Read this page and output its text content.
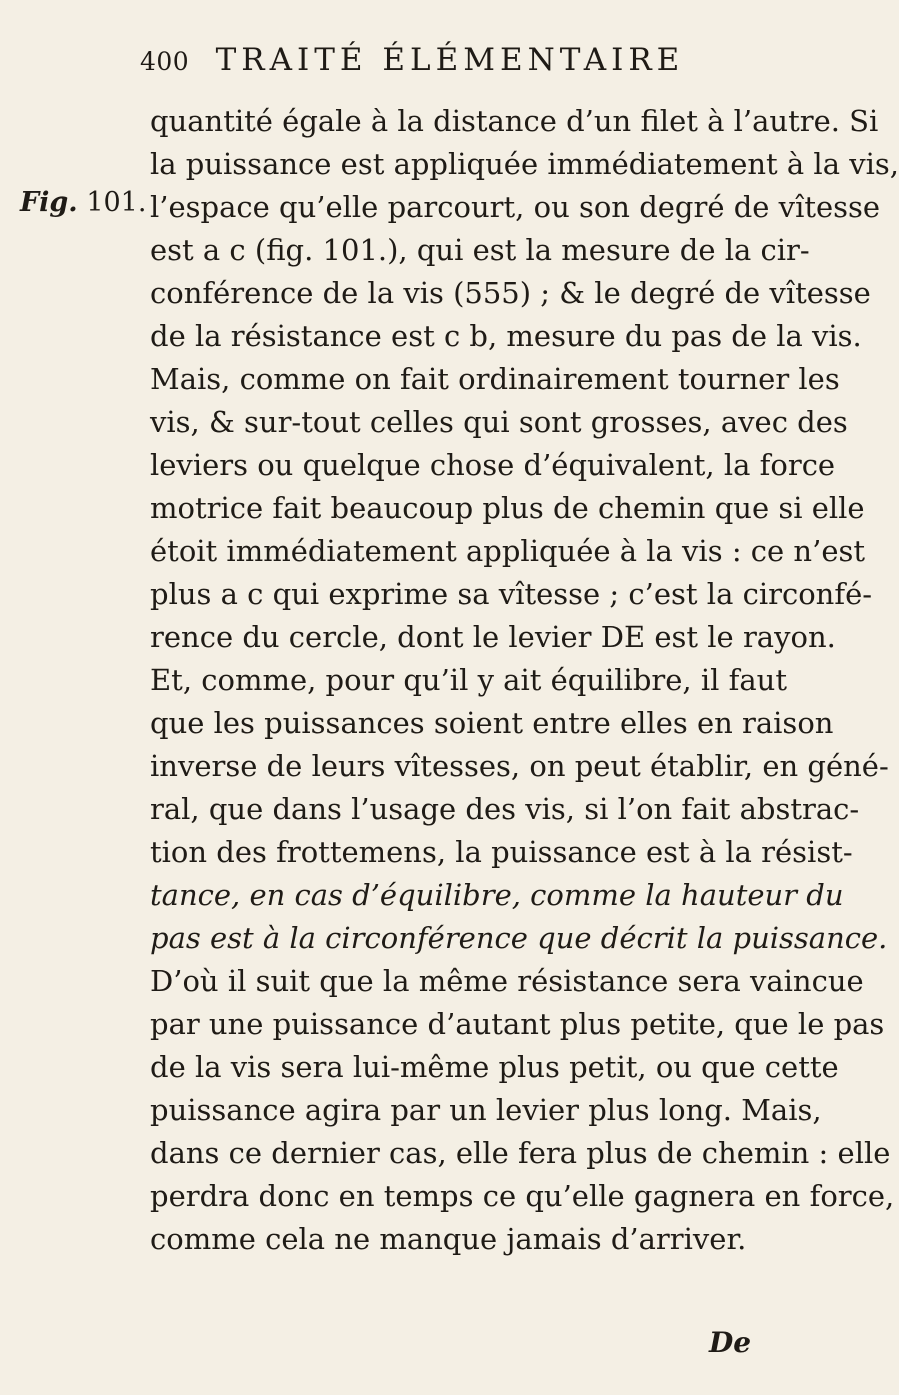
400 TRAITÉ ÉLÉMENTAIRE
Fig. 101.
quantité égale à la distance d’un filet à l’autre. Si
la puissance est appliquée immédiatement à la vis,
l’espace qu’elle parcourt, ou son degré de vîtesse
est a c (fig. 101.), qui est la mesure de la cir-
conférence de la vis (555) ; & le degré de vîtesse
de la résistance est c b, mesure du pas de la vis.
Mais, comme on fait ordinairement tourner les
vis, & sur-tout celles qui sont grosses, avec des
leviers ou quelque chose d’équivalent, la force
motrice fait beaucoup plus de chemin que si elle
étoit immédiatement appliquée à la vis : ce n’est
plus a c qui exprime sa vîtesse ; c’est la circonfé-
rence du cercle, dont le levier DE est le rayon.
Et, comme, pour qu’il y ait équilibre, il faut
que les puissances soient entre elles en raison
inverse de leurs vîtesses, on peut établir, en géné-
ral, que dans l’usage des vis, si l’on fait abstrac-
tion des frottemens, la puissance est à la résist-
tance, en cas d’équilibre, comme la hauteur du
pas est à la circonférence que décrit la puissance.
D’où il suit que la même résistance sera vaincue
par une puissance d’autant plus petite, que le pas
de la vis sera lui-même plus petit, ou que cette
puissance agira par un levier plus long. Mais,
dans ce dernier cas, elle fera plus de chemin : elle
perdra donc en temps ce qu’elle gagnera en force,
comme cela ne manque jamais d’arriver.
De
